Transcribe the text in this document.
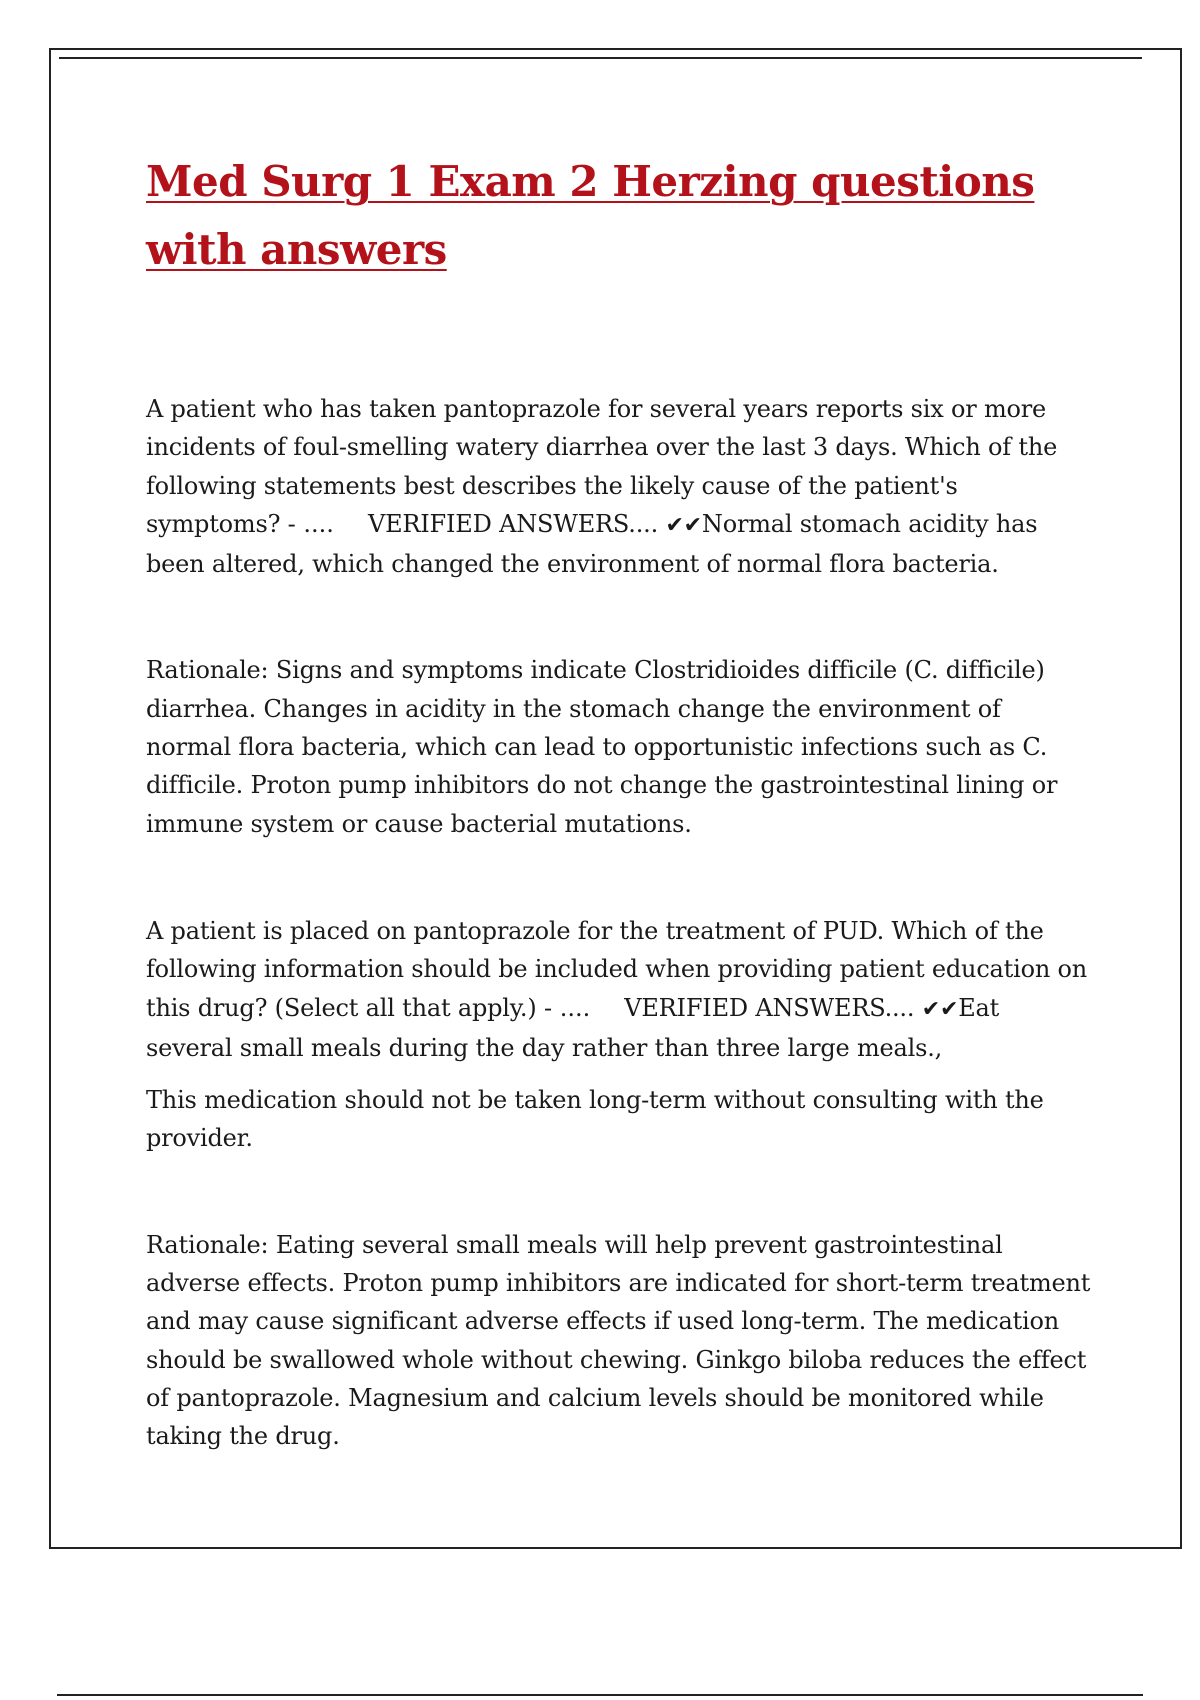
Med Surg 1 Exam 2 Herzing questions with answers

A patient who has taken pantoprazole for several years reports six or more incidents of foul-smelling watery diarrhea over the last 3 days. Which of the following statements best describes the likely cause of the patient's symptoms? - .... VERIFIED ANSWERS.... ✔✔Normal stomach acidity has been altered, which changed the environment of normal flora bacteria.

Rationale: Signs and symptoms indicate Clostridioides difficile (C. difficile) diarrhea. Changes in acidity in the stomach change the environment of normal flora bacteria, which can lead to opportunistic infections such as C. difficile. Proton pump inhibitors do not change the gastrointestinal lining or immune system or cause bacterial mutations.

A patient is placed on pantoprazole for the treatment of PUD. Which of the following information should be included when providing patient education on this drug? (Select all that apply.) - .... VERIFIED ANSWERS.... ✔✔Eat several small meals during the day rather than three large meals.,

This medication should not be taken long-term without consulting with the provider.

Rationale: Eating several small meals will help prevent gastrointestinal adverse effects. Proton pump inhibitors are indicated for short-term treatment and may cause significant adverse effects if used long-term. The medication should be swallowed whole without chewing. Ginkgo biloba reduces the effect of pantoprazole. Magnesium and calcium levels should be monitored while taking the drug.
